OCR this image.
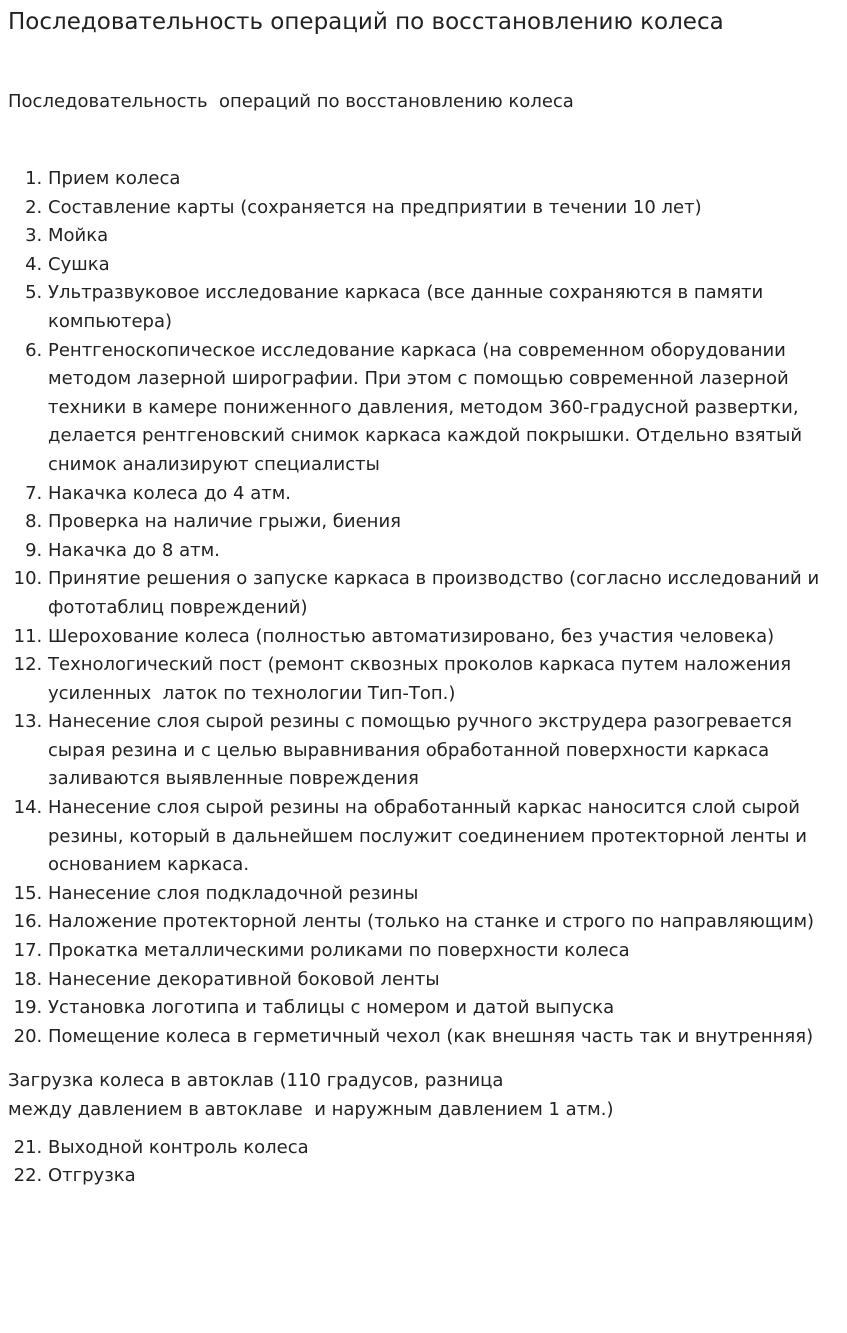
Последовательность операций по восстановлению колеса

Последовательность  операций по восстановлению колеса

1. Прием колеса
2. Составление карты (сохраняется на предприятии в течении 10 лет)
3. Мойка
4. Сушка
5. Ультразвуковое исследование каркаса (все данные сохраняются в памяти компьютера)
6. Рентгеноскопическое исследование каркаса (на современном оборудовании методом лазерной ширографии. При этом с помощью современной лазерной техники в камере пониженного давления, методом 360-градусной развертки, делается рентгеновский снимок каркаса каждой покрышки. Отдельно взятый снимок анализируют специалисты
7. Накачка колеса до 4 атм.
8. Проверка на наличие грыжи, биения
9. Накачка до 8 атм.
10. Принятие решения о запуске каркаса в производство (согласно исследований и фототаблиц повреждений)
11. Шерохование колеса (полностью автоматизировано, без участия человека)
12. Технологический пост (ремонт сквозных проколов каркаса путем наложения усиленных  латок по технологии Тип-Топ.)
13. Нанесение слоя сырой резины с помощью ручного экструдера разогревается сырая резина и с целью выравнивания обработанной поверхности каркаса заливаются выявленные повреждения
14. Нанесение слоя сырой резины на обработанный каркас наносится слой сырой резины, который в дальнейшем послужит соединением протекторной ленты и основанием каркаса.
15. Нанесение слоя подкладочной резины
16. Наложение протекторной ленты (только на станке и строго по направляющим)
17. Прокатка металлическими роликами по поверхности колеса
18. Нанесение декоративной боковой ленты
19. Установка логотипа и таблицы с номером и датой выпуска
20. Помещение колеса в герметичный чехол (как внешняя часть так и внутренняя)

Загрузка колеса в автоклав (110 градусов, разница
между давлением в автоклаве  и наружным давлением 1 атм.)

21. Выходной контроль колеса
22. Отгрузка
